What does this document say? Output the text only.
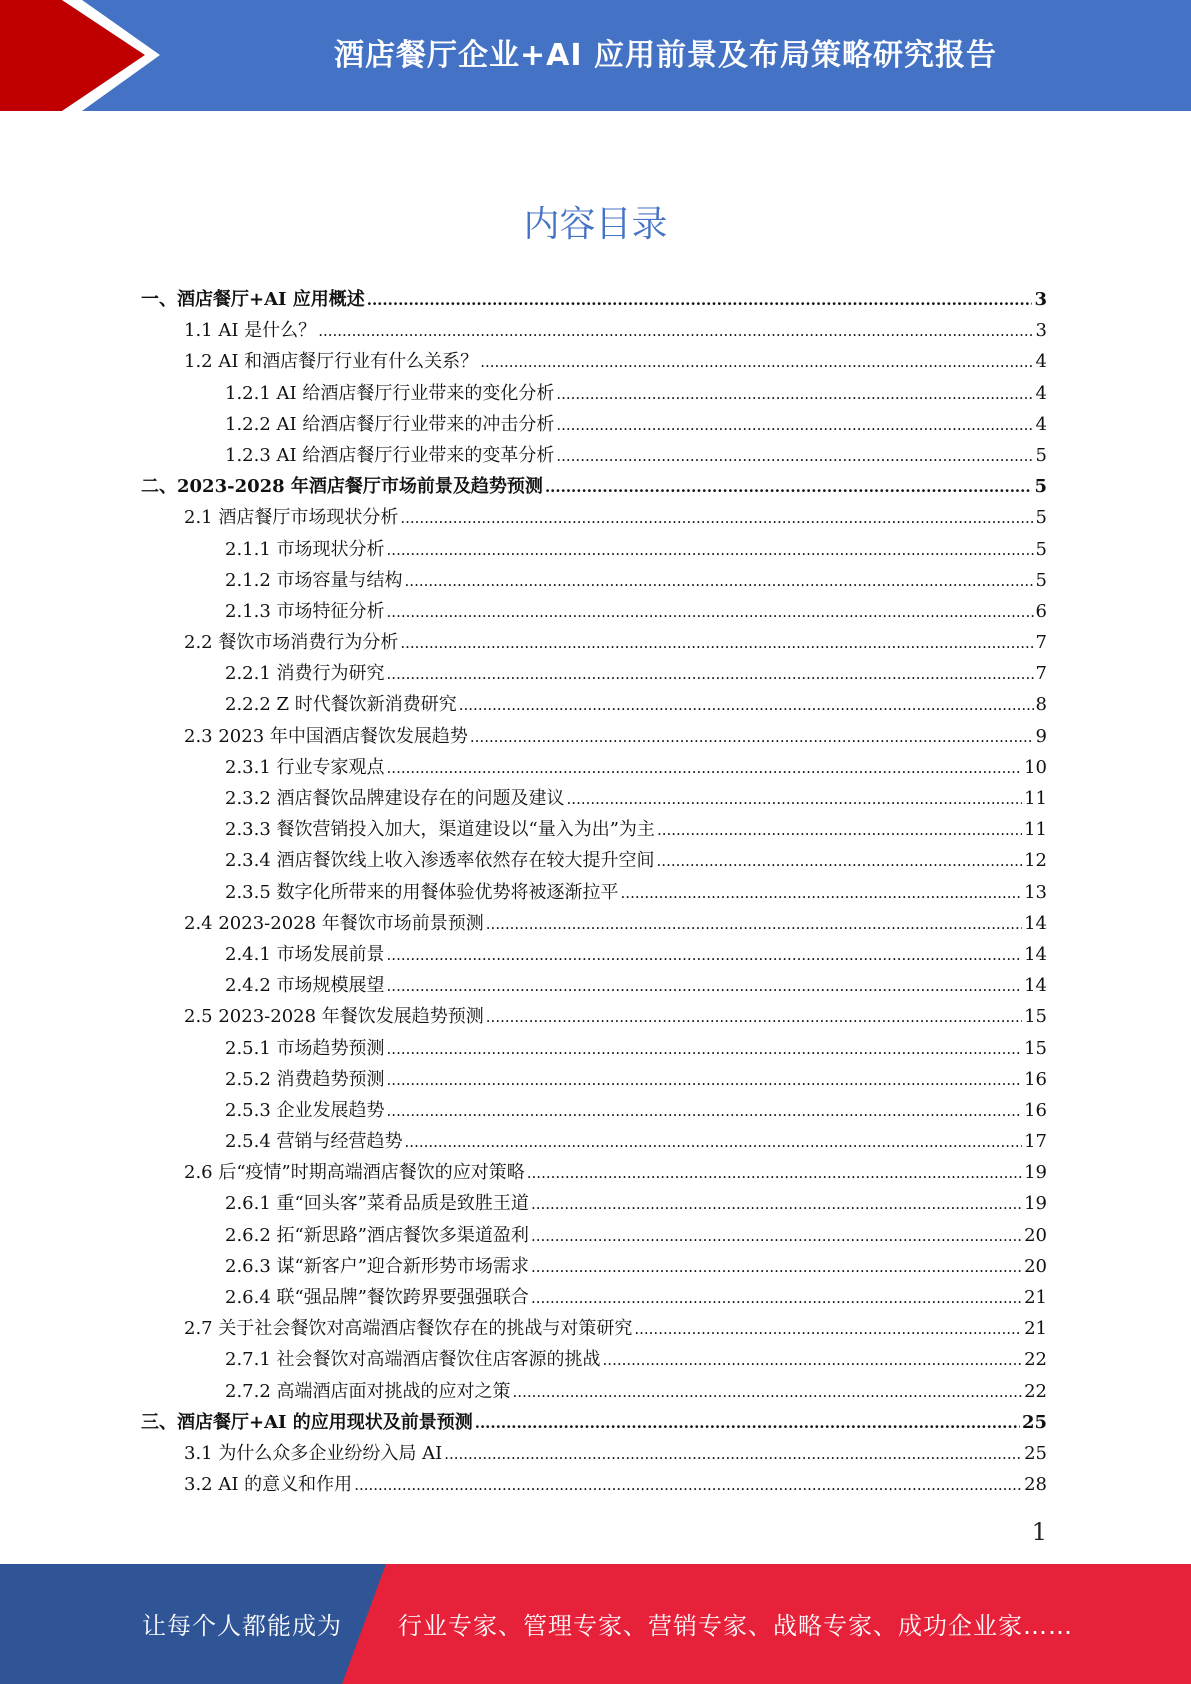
酒店餐厅企业+AI 应用前景及布局策略研究报告
内容目录
一、酒店餐厅+AI 应用概述 .....	3
1.1 AI 是什么？ .....	3
1.2 AI 和酒店餐厅行业有什么关系？ .....	4
1.2.1 AI 给酒店餐厅行业带来的变化分析 .....	4
1.2.2 AI 给酒店餐厅行业带来的冲击分析 .....	4
1.2.3 AI 给酒店餐厅行业带来的变革分析 .....	5
二、2023-2028 年酒店餐厅市场前景及趋势预测 .....	5
2.1 酒店餐厅市场现状分析 .....	5
2.1.1 市场现状分析 .....	5
2.1.2 市场容量与结构 .....	5
2.1.3 市场特征分析 .....	6
2.2 餐饮市场消费行为分析 .....	7
2.2.1 消费行为研究 .....	7
2.2.2 Z 时代餐饮新消费研究 .....	8
2.3 2023 年中国酒店餐饮发展趋势 .....	9
2.3.1 行业专家观点 .....	10
2.3.2 酒店餐饮品牌建设存在的问题及建议 .....	11
2.3.3 餐饮营销投入加大，渠道建设以“量入为出”为主 .....	11
2.3.4 酒店餐饮线上收入渗透率依然存在较大提升空间 .....	12
2.3.5 数字化所带来的用餐体验优势将被逐渐拉平 .....	13
2.4 2023-2028 年餐饮市场前景预测 .....	14
2.4.1 市场发展前景 .....	14
2.4.2 市场规模展望 .....	14
2.5 2023-2028 年餐饮发展趋势预测 .....	15
2.5.1 市场趋势预测 .....	15
2.5.2 消费趋势预测 .....	16
2.5.3 企业发展趋势 .....	16
2.5.4 营销与经营趋势 .....	17
2.6 后“疫情”时期高端酒店餐饮的应对策略 .....	19
2.6.1 重“回头客”菜肴品质是致胜王道 .....	19
2.6.2 拓“新思路”酒店餐饮多渠道盈利 .....	20
2.6.3 谋“新客户”迎合新形势市场需求 .....	20
2.6.4 联“强品牌”餐饮跨界要强强联合 .....	21
2.7 关于社会餐饮对高端酒店餐饮存在的挑战与对策研究 .....	21
2.7.1 社会餐饮对高端酒店餐饮住店客源的挑战 .....	22
2.7.2 高端酒店面对挑战的应对之策 .....	22
三、酒店餐厅+AI 的应用现状及前景预测 .....	25
3.1 为什么众多企业纷纷入局 AI .....	25
3.2 AI 的意义和作用 .....	28
1
让每个人都能成为 行业专家、管理专家、营销专家、战略专家、成功企业家……
